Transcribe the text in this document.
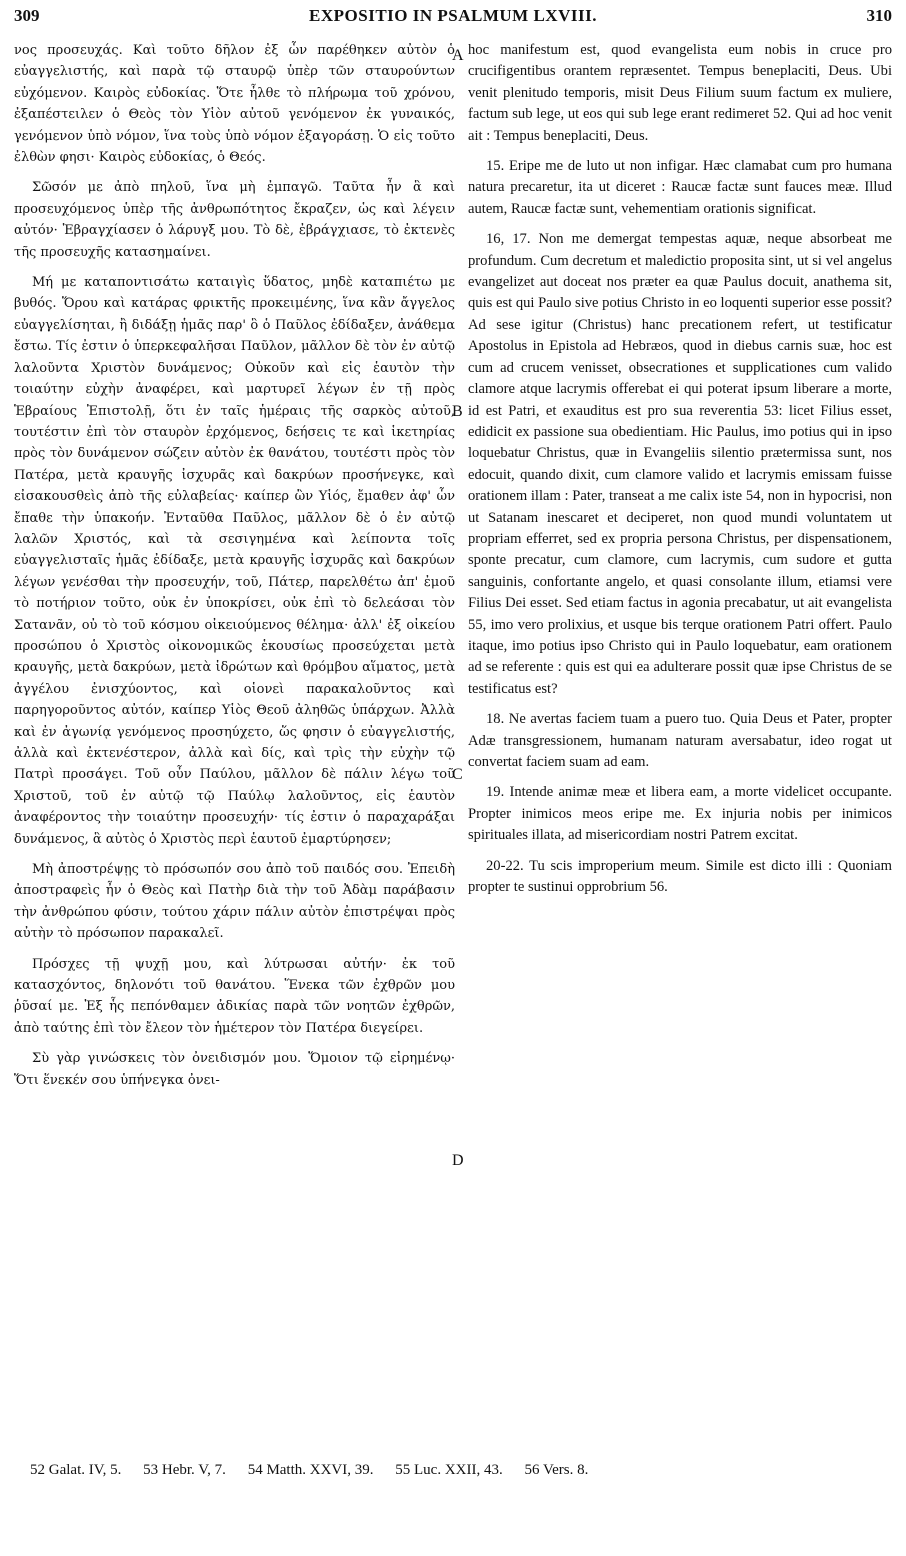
309	EXPOSITIO IN PSALMUM LXVIII.	310
A
B
C
D

νος προσευχάς. Καὶ τοῦτο δῆλον ἐξ ὧν παρέθηκεν αὐτὸν ὁ εὐαγγελιστής, καὶ παρὰ τῷ σταυρῷ ὑπὲρ τῶν σταυρούντων εὐχόμενον. Καιρὸς εὐδοκίας. Ὅτε ἦλθε τὸ πλήρωμα τοῦ χρόνου, ἐξαπέστειλεν ὁ Θεὸς τὸν Υἱὸν αὐτοῦ γενόμενον ἐκ γυναικός, γενόμενον ὑπὸ νόμον, ἵνα τοὺς ὑπὸ νόμον ἐξαγοράσῃ. Ὁ εἰς τοῦτο ἐλθὼν φησι· Καιρὸς εὐδοκίας, ὁ Θεός.

Σῶσόν με ἀπὸ πηλοῦ, ἵνα μὴ ἐμπαγῶ. Ταῦτα ἦν ἃ καὶ προσευχόμενος ὑπὲρ τῆς ἀνθρωπότητος ἔκραζεν, ὡς καὶ λέγειν αὐτόν· Ἐβραγχίασεν ὁ λάρυγξ μου. Τὸ δὲ, ἐβράγχιασε, τὸ ἐκτενὲς τῆς προσευχῆς κατασημαίνει.

Μή με καταποντισάτω καταιγὶς ὕδατος, μηδὲ καταπιέτω με βυθός. Ὅρου καὶ κατάρας φρικτῆς προκειμένης, ἵνα κἂν ἄγγελος εὐαγγελίσηται, ἢ διδάξῃ ἡμᾶς παρ' ὃ ὁ Παῦλος ἐδίδαξεν, ἀνάθεμα ἔστω. Τίς ἐστιν ὁ ὑπερκεφαλῆσαι Παῦλον, μᾶλλον δὲ τὸν ἐν αὐτῷ λαλοῦντα Χριστὸν δυνάμενος; Οὐκοῦν καὶ εἰς ἑαυτὸν τὴν τοιαύτην εὐχὴν ἀναφέρει, καὶ μαρτυρεῖ λέγων ἐν τῇ πρὸς Ἑβραίους Ἐπιστολῇ, ὅτι ἐν ταῖς ἡμέραις τῆς σαρκὸς αὐτοῦ, τουτέστιν ἐπὶ τὸν σταυρὸν ἐρχόμενος, δεήσεις τε καὶ ἱκετηρίας πρὸς τὸν δυνάμενον σώζειν αὐτὸν ἐκ θανάτου, τουτέστι πρὸς τὸν Πατέρα, μετὰ κραυγῆς ἰσχυρᾶς καὶ δακρύων προσήνεγκε, καὶ εἰσακουσθεὶς ἀπὸ τῆς εὐλαβείας· καίπερ ὢν Υἱός, ἔμαθεν ἀφ' ὧν ἔπαθε τὴν ὑπακοήν. Ἐνταῦθα Παῦλος, μᾶλλον δὲ ὁ ἐν αὐτῷ λαλῶν Χριστός, καὶ τὰ σεσιγημένα καὶ λείποντα τοῖς εὐαγγελισταῖς ἡμᾶς ἐδίδαξε, μετὰ κραυγῆς ἰσχυρᾶς καὶ δακρύων λέγων γενέσθαι τὴν προσευχήν, τοῦ, Πάτερ, παρελθέτω ἀπ' ἐμοῦ τὸ ποτήριον τοῦτο, οὐκ ἐν ὑποκρίσει, οὐκ ἐπὶ τὸ δελεάσαι τὸν Σατανᾶν, οὐ τὸ τοῦ κόσμου οἰκειούμενος θέλημα· ἀλλ' ἐξ οἰκείου προσώπου ὁ Χριστὸς οἰκονομικῶς ἑκουσίως προσεύχεται μετὰ κραυγῆς, μετὰ δακρύων, μετὰ ἱδρώτων καὶ θρόμβου αἵματος, μετὰ ἀγγέλου ἐνισχύοντος, καὶ οἱονεὶ παρακαλοῦντος καὶ παρηγοροῦντος αὐτόν, καίπερ Υἱὸς Θεοῦ ἀληθῶς ὑπάρχων. Ἀλλὰ καὶ ἐν ἀγωνίᾳ γενόμενος προσηύχετο, ὥς φησιν ὁ εὐαγγελιστής, ἀλλὰ καὶ ἐκτενέστερον, ἀλλὰ καὶ δίς, καὶ τρὶς τὴν εὐχὴν τῷ Πατρὶ προσάγει. Τοῦ οὖν Παύλου, μᾶλλον δὲ πάλιν λέγω τοῦ Χριστοῦ, τοῦ ἐν αὐτῷ τῷ Παύλῳ λαλοῦντος, εἰς ἑαυτὸν ἀναφέροντος τὴν τοιαύτην προσευχήν· τίς ἐστιν ὁ παραχαράξαι δυνάμενος, ἃ αὐτὸς ὁ Χριστὸς περὶ ἑαυτοῦ ἐμαρτύρησεν;

Μὴ ἀποστρέψῃς τὸ πρόσωπόν σου ἀπὸ τοῦ παιδός σου. Ἐπειδὴ ἀποστραφεὶς ἦν ὁ Θεὸς καὶ Πατὴρ διὰ τὴν τοῦ Ἀδὰμ παράβασιν τὴν ἀνθρώπου φύσιν, τούτου χάριν πάλιν αὐτὸν ἐπιστρέψαι πρὸς αὐτὴν τὸ πρόσωπον παρακαλεῖ.

Πρόσχες τῇ ψυχῇ μου, καὶ λύτρωσαι αὐτήν· ἐκ τοῦ κατασχόντος, δηλονότι τοῦ θανάτου. Ἕνεκα τῶν ἐχθρῶν μου ῥῦσαί με. Ἐξ ἧς πεπόνθαμεν ἀδικίας παρὰ τῶν νοητῶν ἐχθρῶν, ἀπὸ ταύτης ἐπὶ τὸν ἔλεον τὸν ἡμέτερον τὸν Πατέρα διεγείρει.

Σὺ γὰρ γινώσκεις τὸν ὀνειδισμόν μου. Ὅμοιον τῷ εἰρημένῳ· Ὅτι ἕνεκέν σου ὑπήνεγκα ὀνει-

hoc manifestum est, quod evangelista eum nobis in cruce pro crucifigentibus orantem repræsentet. Tempus beneplaciti, Deus. Ubi venit plenitudo temporis, misit Deus Filium suum factum ex muliere, factum sub lege, ut eos qui sub lege erant redimeret 52. Qui ad hoc venit ait : Tempus beneplaciti, Deus.

15. Eripe me de luto ut non infigar. Hæc clamabat cum pro humana natura precaretur, ita ut diceret : Raucæ factæ sunt fauces meæ. Illud autem, Raucæ factæ sunt, vehementiam orationis significat.

16, 17. Non me demergat tempestas aquæ, neque absorbeat me profundum. Cum decretum et maledictio proposita sint, ut si vel angelus evangelizet aut doceat nos præter ea quæ Paulus docuit, anathema sit, quis est qui Paulo sive potius Christo in eo loquenti superior esse possit? Ad sese igitur (Christus) hanc precationem refert, ut testificatur Apostolus in Epistola ad Hebræos, quod in diebus carnis suæ, hoc est cum ad crucem venisset, obsecrationes et supplicationes cum valido clamore atque lacrymis offerebat ei qui poterat ipsum liberare a morte, id est Patri, et exauditus est pro sua reverentia 53: licet Filius esset, edidicit ex passione sua obedientiam. Hic Paulus, imo potius qui in ipso loquebatur Christus, quæ in Evangeliis silentio prætermissa sunt, nos edocuit, quando dixit, cum clamore valido et lacrymis emissam fuisse orationem illam : Pater, transeat a me calix iste 54, non in hypocrisi, non ut Satanam inescaret et deciperet, non quod mundi voluntatem ut propriam efferret, sed ex propria persona Christus, per dispensationem, sponte precatur, cum clamore, cum lacrymis, cum sudore et gutta sanguinis, confortante angelo, et quasi consolante illum, etiamsi vere Filius Dei esset. Sed etiam factus in agonia precabatur, ut ait evangelista 55, imo vero prolixius, et usque bis terque orationem Patri offert. Paulo itaque, imo potius ipso Christo qui in Paulo loquebatur, eam orationem ad se referente : quis est qui ea adulterare possit quæ ipse Christus de se testificatus est?

18. Ne avertas faciem tuam a puero tuo. Quia Deus et Pater, propter Adæ transgressionem, humanam naturam aversabatur, ideo rogat ut convertat faciem suam ad eam.

19. Intende animæ meæ et libera eam, a morte videlicet occupante. Propter inimicos meos eripe me. Ex injuria nobis per inimicos spirituales illata, ad misericordiam nostri Patrem excitat.

20-22. Tu scis improperium meum. Simile est dicto illi : Quoniam propter te sustinui opprobrium 56.

52 Galat. IV, 5. 53 Hebr. V, 7. 54 Matth. XXVI, 39. 55 Luc. XXII, 43. 56 Vers. 8.
